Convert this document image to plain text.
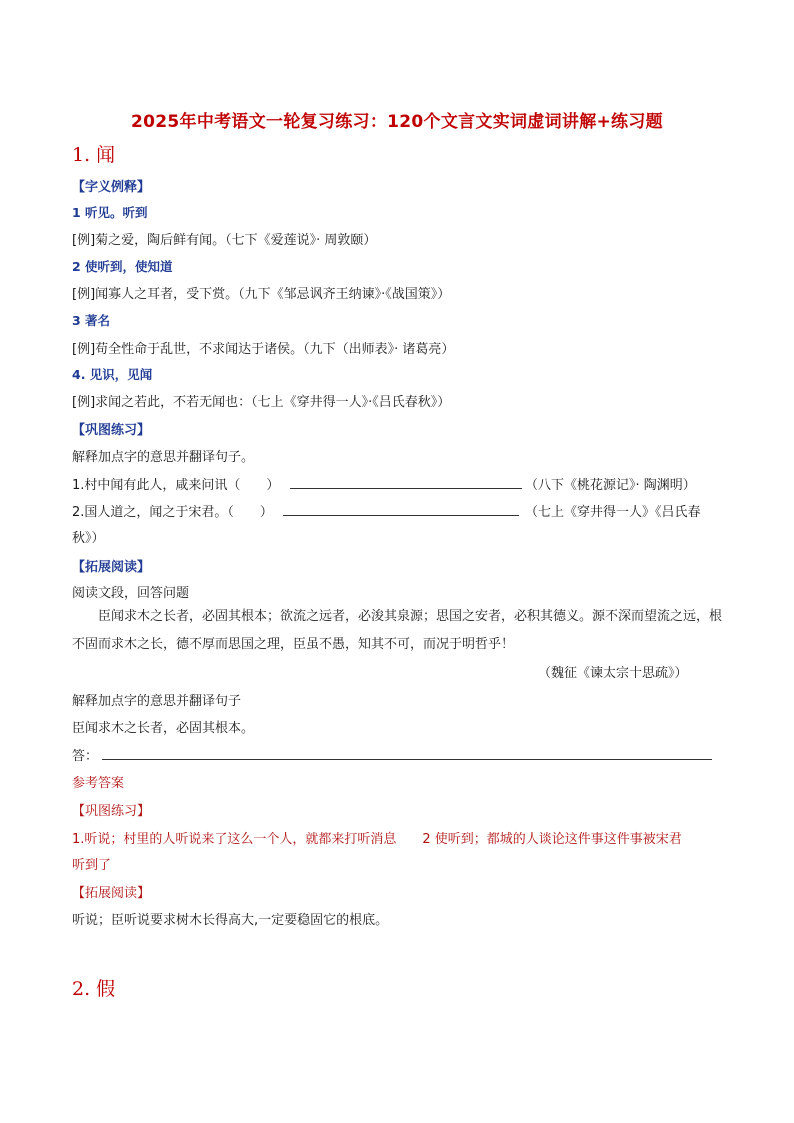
2025年中考语文一轮复习练习：120个文言文实词虚词讲解+练习题
1. 闻
【字义例释】
1 听见。听到
[例]菊之爱，陶后鲜有闻。（七下《爱莲说》· 周敦颐）
2 使听到，使知道
[例]闻寡人之耳者，受下赏。（九下《邹忌讽齐王纳谏》·《战国策》）
3 著名
[例]苟全性命于乱世，不求闻达于诸侯。（九下（出师表》· 诸葛亮）
4. 见识，见闻
[例]求闻之若此，不若无闻也：（七上《穿井得一人》·《吕氏春秋》）
【巩图练习】
解释加点字的意思并翻译句子。
1.村中闻有此人，咸来问讯（　　）	（八下《桃花源记》· 陶渊明）
2.国人道之，闻之于宋君。（　　）	（七上《穿井得一人》《吕氏春
秋》）
【拓展阅读】
阅读文段，回答问题
臣闻求木之长者，必固其根本；欲流之远者，必浚其泉源；思国之安者，必积其德义。源不深而望流之远，根不固而求木之长，德不厚而思国之理，臣虽不愚，知其不可，而况于明哲乎！
（魏征《谏太宗十思疏》）
解释加点字的意思并翻译句子
臣闻求木之长者，必固其根本。
答：
参考答案
【巩图练习】
1.听说；村里的人听说来了这么一个人，就都来打听消息　　2 使听到；都城的人谈论这件事这件事被宋君
听到了
【拓展阅读】
听说；臣听说要求树木长得高大,一定要稳固它的根底。
2. 假
